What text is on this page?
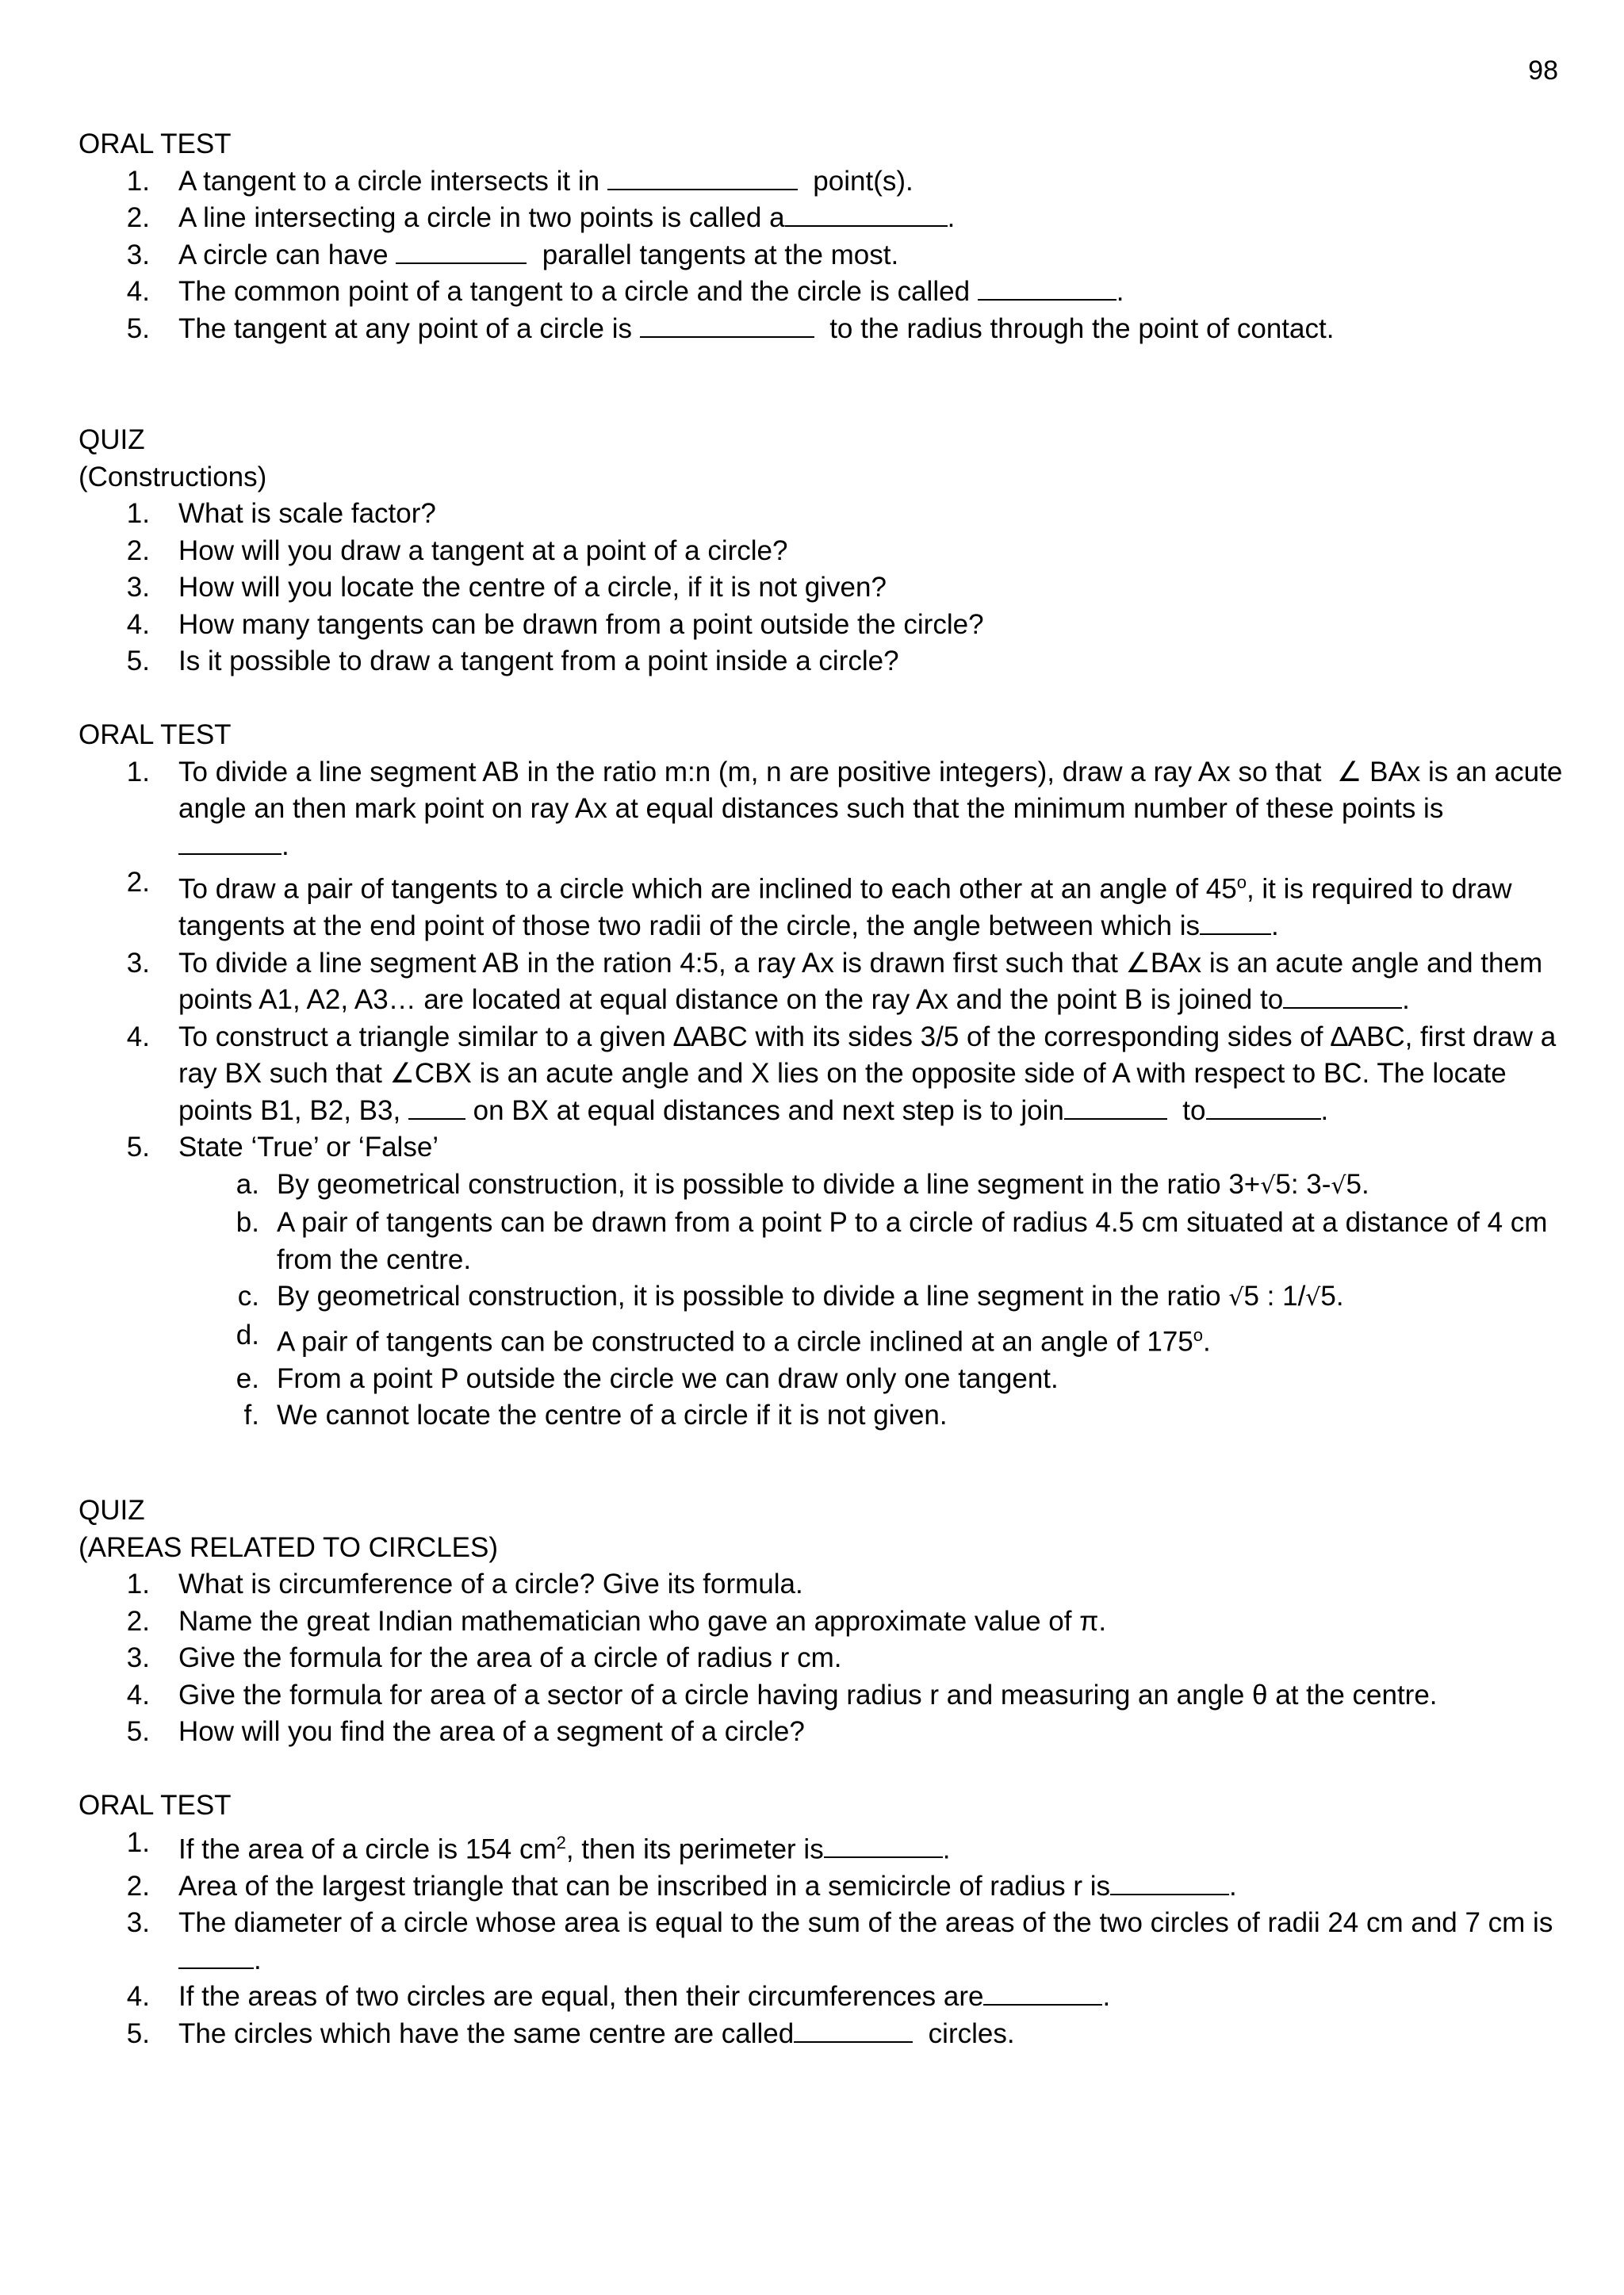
98
ORAL TEST
1. A tangent to a circle intersects it in	point(s).
2. A line intersecting a circle in two points is called a	.
3. A circle can have	parallel tangents at the most.
4. The common point of a tangent to a circle and the circle is called	.
5. The tangent at any point of a circle is	to the radius through the point of contact.
QUIZ
(Constructions)
1. What is scale factor?
2. How will you draw a tangent at a point of a circle?
3. How will you locate the centre of a circle, if it is not given?
4. How many tangents can be drawn from a point outside the circle?
5. Is it possible to draw a tangent from a point inside a circle?
ORAL TEST
1. To divide a line segment AB in the ratio m:n (m, n are positive integers), draw a ray Ax so that ∠ BAx is an acute angle an then mark point on ray Ax at equal distances such that the minimum number of these points is
.
2. To draw a pair of tangents to a circle which are inclined to each other at an angle of 45$^o$, it is required to draw tangents at the end point of those two radii of the circle, the angle between which is	.
3. To divide a line segment AB in the ration 4:5, a ray Ax is drawn first such that ∠BAx is an acute angle and them points A1, A2, A3… are located at equal distance on the ray Ax and the point B is joined to	.
4. To construct a triangle similar to a given ∆ABC with its sides 3/5 of the corresponding sides of ∆ABC, first draw a ray BX such that ∠CBX is an acute angle and X lies on the opposite side of A with respect to BC. The locate points B1, B2, B3,	on BX at equal distances and next step is to join	to	.
5. State ‘True’ or ‘False’
a. By geometrical construction, it is possible to divide a line segment in the ratio 3+√5: 3-√5.
b. A pair of tangents can be drawn from a point P to a circle of radius 4.5 cm situated at a distance of 4 cm from the centre.
c. By geometrical construction, it is possible to divide a line segment in the ratio √5 : 1/√5.
d. A pair of tangents can be constructed to a circle inclined at an angle of 175$^o$.
e. From a point P outside the circle we can draw only one tangent.
f. We cannot locate the centre of a circle if it is not given.
QUIZ
(AREAS RELATED TO CIRCLES)
1. What is circumference of a circle? Give its formula.
2. Name the great Indian mathematician who gave an approximate value of π.
3. Give the formula for the area of a circle of radius r cm.
4. Give the formula for area of a sector of a circle having radius r and measuring an angle θ at the centre.
5. How will you find the area of a segment of a circle?
ORAL TEST
1. If the area of a circle is 154 $cm^2$, then its perimeter is	.
2. Area of the largest triangle that can be inscribed in a semicircle of radius r is	.
3. The diameter of a circle whose area is equal to the sum of the areas of the two circles of radii 24 cm and 7 cm is
.
4. If the areas of two circles are equal, then their circumferences are	.
5. The circles which have the same centre are called	circles.
